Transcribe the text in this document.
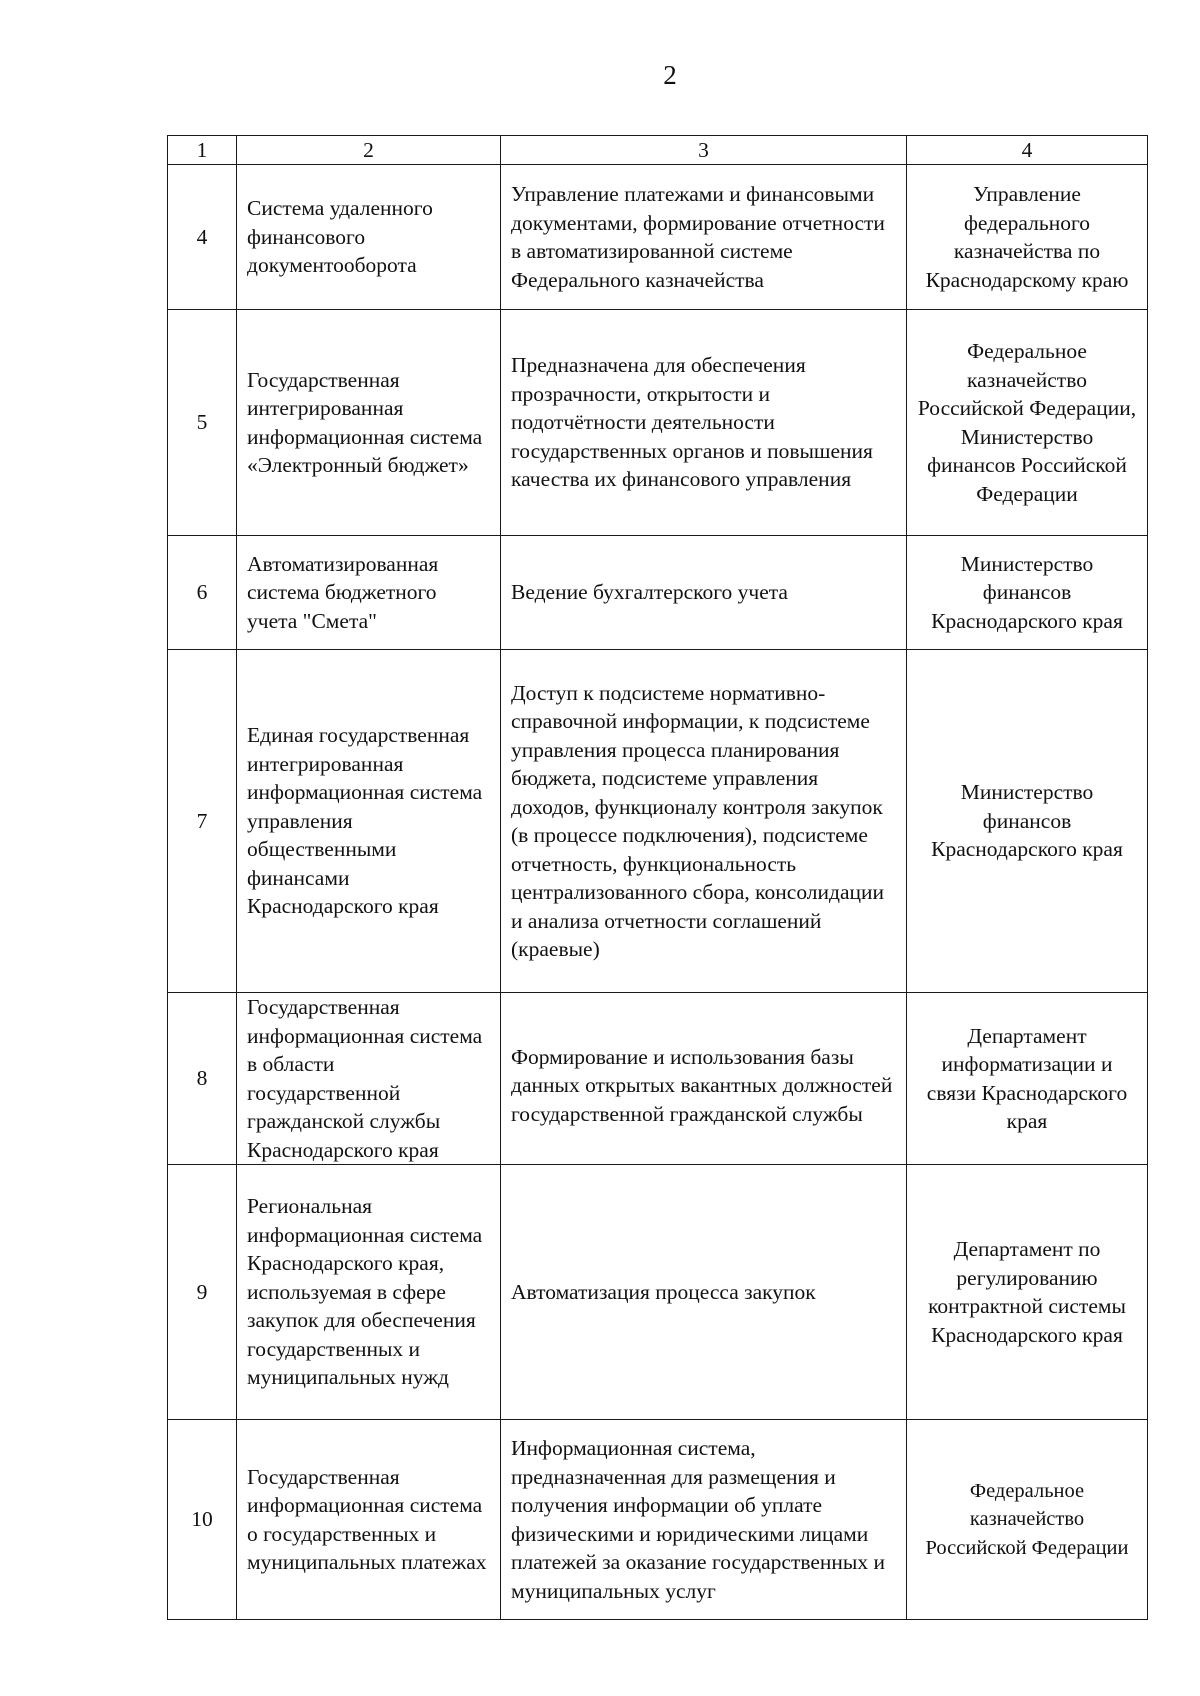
2
1	2	3	4
4	Система удаленного финансового документооборота	Управление платежами и финансовыми документами, формирование отчетности в автоматизированной системе Федерального казначейства	Управление федерального казначейства по Краснодарскому краю
5	Государственная интегрированная информационная система «Электронный бюджет»	Предназначена для обеспечения прозрачности, открытости и подотчётности деятельности государственных органов и повышения качества их финансового управления	Федеральное казначейство Российской Федерации, Министерство финансов Российской Федерации
6	Автоматизированная система бюджетного учета "Смета"	Ведение бухгалтерского учета	Министерство финансов Краснодарского края
7	Единая государственная интегрированная информационная система управления общественными финансами Краснодарского края	Доступ к подсистеме нормативно-справочной информации, к подсистеме управления процесса планирования бюджета, подсистеме управления доходов, функционалу контроля закупок (в процессе подключения), подсистеме отчетность, функциональность централизованного сбора, консолидации и анализа отчетности соглашений (краевые)	Министерство финансов Краснодарского края
8	Государственная информационная система в области государственной гражданской службы Краснодарского края	Формирование и использования базы данных открытых вакантных должностей государственной гражданской службы	Департамент информатизации и связи Краснодарского края
9	Региональная информационная система Краснодарского края, используемая в сфере закупок для обеспечения государственных и муниципальных нужд	Автоматизация процесса закупок	Департамент по регулированию контрактной системы Краснодарского края
10	Государственная информационная система о государственных и муниципальных платежах	Информационная система, предназначенная для размещения и получения информации об уплате физическими и юридическими лицами платежей за оказание государственных и муниципальных услуг	Федеральное казначейство Российской Федерации
